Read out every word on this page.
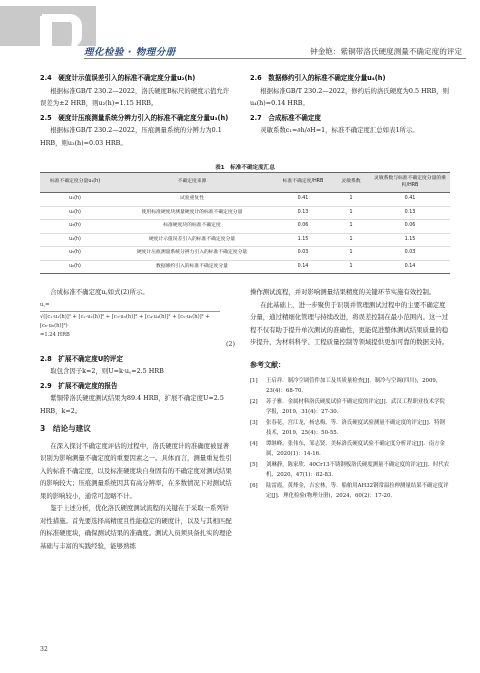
理化检验 · 物理分册	钟金艳：紫铜带洛氏硬度测量不确定度的评定
2.4　硬度计示值误差引入的标准不确定度分量u₂(h)

根据标准GB/T 230.2—2022，洛氏硬度B标尺的硬度示值允许误差为±2 HRB，则u₂(h)=1.15 HRB。

2.5　硬度计压痕测量系统分辨力引入的标准不确定度分量u₃(h)

根据标准GB/T 230.2—2022，压痕测量系统的分辨力为0.1 HRB，则u₃(h)=0.03 HRB。

2.6　数据修约引入的标准不确定度分量u₄(h)

根据标准GB/T 230.2—2022，修约后的洛氏硬度为0.5 HRB，则u₄(h)=0.14 HRB。

2.7　合成标准不确定度

灵敏系数c₁=∂h/∂H=1，标准不确定度汇总如表1所示。

表1　标准不确定度汇总
标准不确定度分量u₁(h)	不确定度来源	标准不确定度/HRB	灵敏系数	灵敏系数与标准不确定度分量的乘积/HRB
u₁(h)	试验重复性	0.41	1	0.41
u₂(h)	使用标准硬度块测量硬度计的标准不确定度分量	0.13	1	0.13
u₃(h)	标准硬度块的标准不确定度	0.06	1	0.06
u₄(h)	硬度计示值误差引入的标准不确定度分量	1.15	1	1.15
u₅(h)	硬度计压痕测量系统分辨力引入的标准不确定度分量	0.03	1	0.03
u₆(h)	数据修约引入的标准不确定度分量	0.14	1	0.14

合成标准不确定度u꜀如式(2)所示。

u꜀=
√([c₁·u₁(h)]² + [c₂·u₂(h)]² + [c₃·u₃(h)]² + [c₄·u₄(h)]² + [c₅·u₅(h)]² + [c₆·u₆(h)]²)
=1.24 HRB
(2)
2.8　扩展不确定度U的评定

取包含因子k=2，则U=k·u꜀=2.5 HRB

2.9　扩展不确定度的报告

紫铜带洛氏硬度测试结果为89.4 HRB，扩展不确定度U=2.5 HRB，k=2。

3　结论与建议

在深入探讨不确定度评估的过程中，洛氏硬度计的准确度被显著识别为影响测量不确定度的重要因素之一。具体而言，测量重复性引入的标准不确定度，以及标准硬度块自身固有的不确定度对测试结果的影响较大；压痕测量系统因其有高分辨率，在多数情况下对测试结果的影响较小，通常可忽略不计。

鉴于上述分析，优化洛氏硬度测试流程的关键在于采取一系列针对性措施。首先要选择高精度且性能稳定的硬度计，以及与其相匹配的标准硬度块，确保测试结果的准确度。测试人员须具备扎实的理论基础与丰富的实践经验，能够熟练

操作测试流程，并对影响测量结果精度的关键环节实施有效控制。

在此基础上，进一步聚焦于识别并管理测试过程中的主要不确定度分量，通过精细化管理与持续改进，将误差控制在最小范围内。这一过程不仅有助于提升单次测试的准确性，更能促进整体测试结果质量的稳步提升，为材料科学、工程质量控制等领域提供更加可靠的数据支持。

参考文献：
[1]	王启祥．制冷空调管件加工及其质量检查[J]．制冷与空调(四川)，2009，23(4)：68-70.
[2]	苏子雅．金属材料洛氏硬度试验不确定度的评定[J]．武汉工程职业技术学院学报，2019，31(4)：27-30.
[3]	张春花，宫江龙，杨忠梅，等．洛氏硬度试验测量不确定度的评定[J]．特钢技术，2019，25(4)：50-55.
[4]	谭继峰，张伟东，邹志贤．美标洛氏硬度试验不确定度分析评定[J]．南方金属，2020(1)：14-16.
[5]	刘琳静，陈家欣．40Cr13不锈钢板洛氏硬度测量不确定度的评定[J]．时代农机，2020，47(1)：82-83.
[6]	陆雷霞，黄烽金，吉宏林，等．船舶用AH32钢常温拉伸测量结果不确定度评定[J]．理化检验(物理分册)，2024，60(2)：17-20.
32
